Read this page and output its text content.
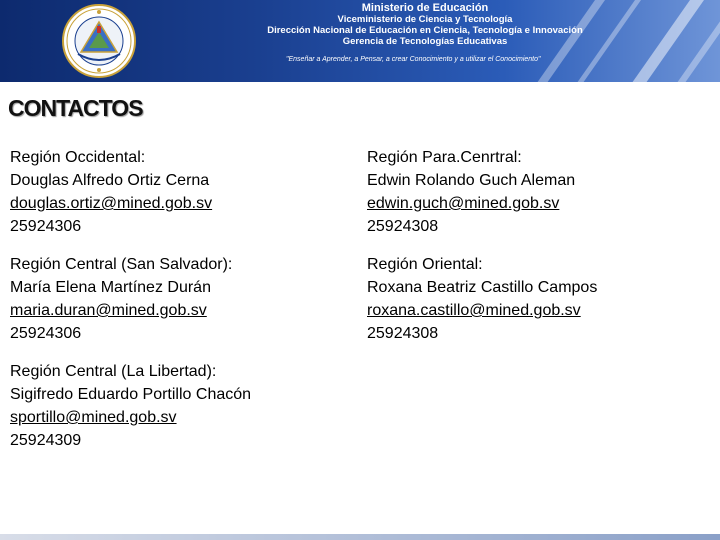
Ministerio de Educación
Viceministerio de Ciencia y Tecnología
Dirección Nacional de Educación en Ciencia, Tecnología e Innovación
Gerencia de Tecnologías Educativas
"Enseñar a Aprender, a Pensar, a crear Conocimiento y a utilizar el Conocimiento"
CONTACTOS
Región Occidental:
Douglas Alfredo Ortiz Cerna
douglas.ortiz@mined.gob.sv
25924306
Región Para.Cenrtral:
Edwin Rolando Guch Aleman
edwin.guch@mined.gob.sv
25924308
Región Central (San Salvador):
María Elena Martínez Durán
maria.duran@mined.gob.sv
25924306
Región Oriental:
Roxana Beatriz Castillo Campos
roxana.castillo@mined.gob.sv
25924308
Región Central (La Libertad):
Sigifredo Eduardo Portillo Chacón
sportillo@mined.gob.sv
25924309
